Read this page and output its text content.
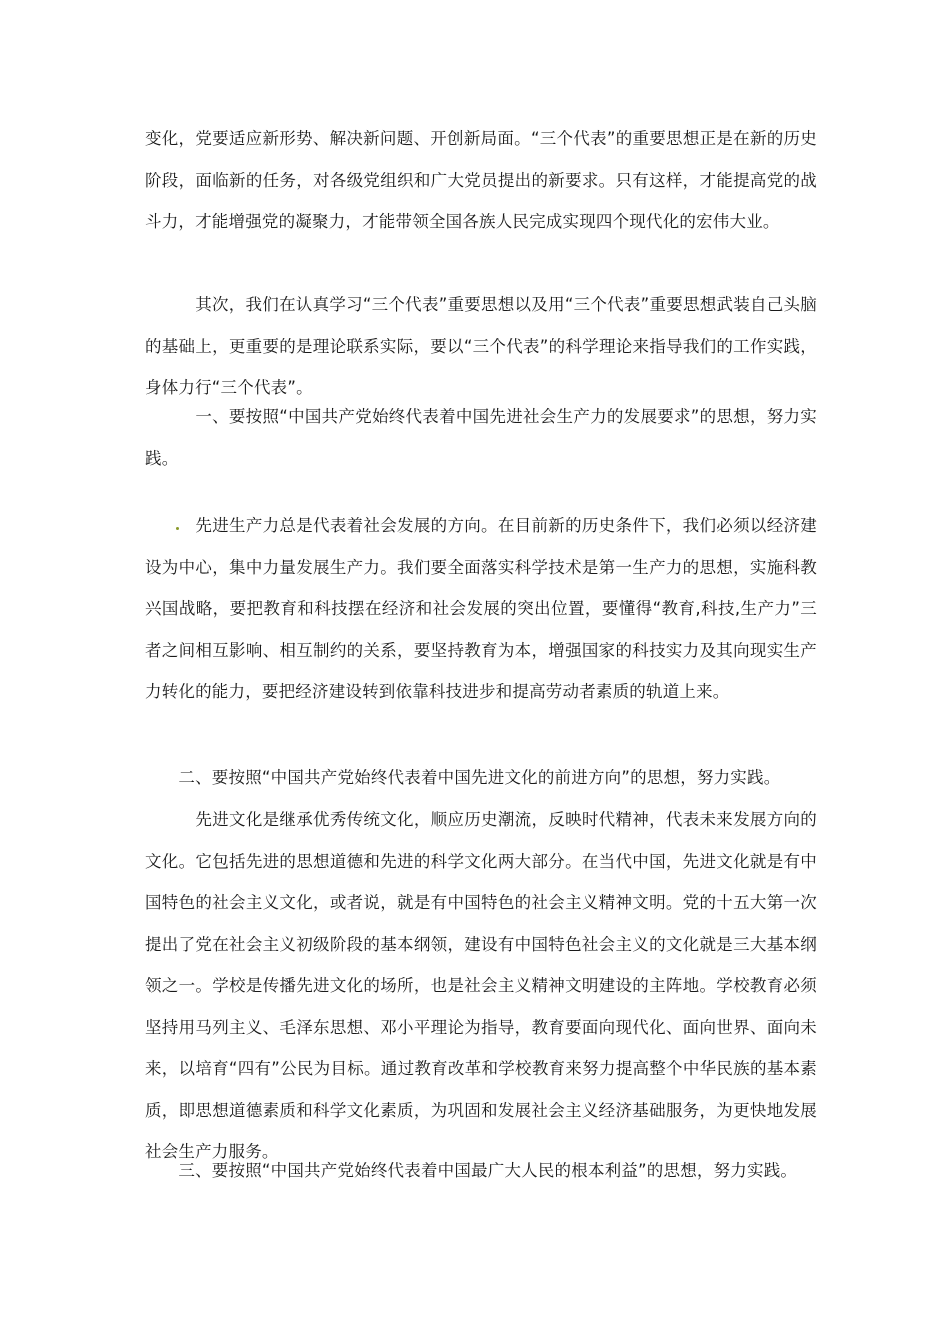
变化，党要适应新形势、解决新问题、开创新局面。“三个代表”的重要思想正是在新的历史阶段，面临新的任务，对各级党组织和广大党员提出的新要求。只有这样，才能提高党的战斗力，才能增强党的凝聚力，才能带领全国各族人民完成实现四个现代化的宏伟大业。

　　　其次，我们在认真学习“三个代表”重要思想以及用“三个代表”重要思想武装自己头脑的基础上，更重要的是理论联系实际，要以“三个代表”的科学理论来指导我们的工作实践，身体力行“三个代表”。

　　　一、要按照“中国共产党始终代表着中国先进社会生产力的发展要求”的思想，努力实践。

　　　先进生产力总是代表着社会发展的方向。在目前新的历史条件下，我们必须以经济建设为中心，集中力量发展生产力。我们要全面落实科学技术是第一生产力的思想，实施科教兴国战略，要把教育和科技摆在经济和社会发展的突出位置，要懂得“教育,科技,生产力”三者之间相互影响、相互制约的关系，要坚持教育为本，增强国家的科技实力及其向现实生产力转化的能力，要把经济建设转到依靠科技进步和提高劳动者素质的轨道上来。

　　二、要按照“中国共产党始终代表着中国先进文化的前进方向”的思想，努力实践。

　　　先进文化是继承优秀传统文化，顺应历史潮流，反映时代精神，代表未来发展方向的文化。它包括先进的思想道德和先进的科学文化两大部分。在当代中国，先进文化就是有中国特色的社会主义文化，或者说，就是有中国特色的社会主义精神文明。党的十五大第一次提出了党在社会主义初级阶段的基本纲领，建设有中国特色社会主义的文化就是三大基本纲领之一。学校是传播先进文化的场所，也是社会主义精神文明建设的主阵地。学校教育必须坚持用马列主义、毛泽东思想、邓小平理论为指导，教育要面向现代化、面向世界、面向未来，以培育“四有”公民为目标。通过教育改革和学校教育来努力提高整个中华民族的基本素质，即思想道德素质和科学文化素质，为巩固和发展社会主义经济基础服务，为更快地发展社会生产力服务。

　　三、要按照“中国共产党始终代表着中国最广大人民的根本利益”的思想，努力实践。
